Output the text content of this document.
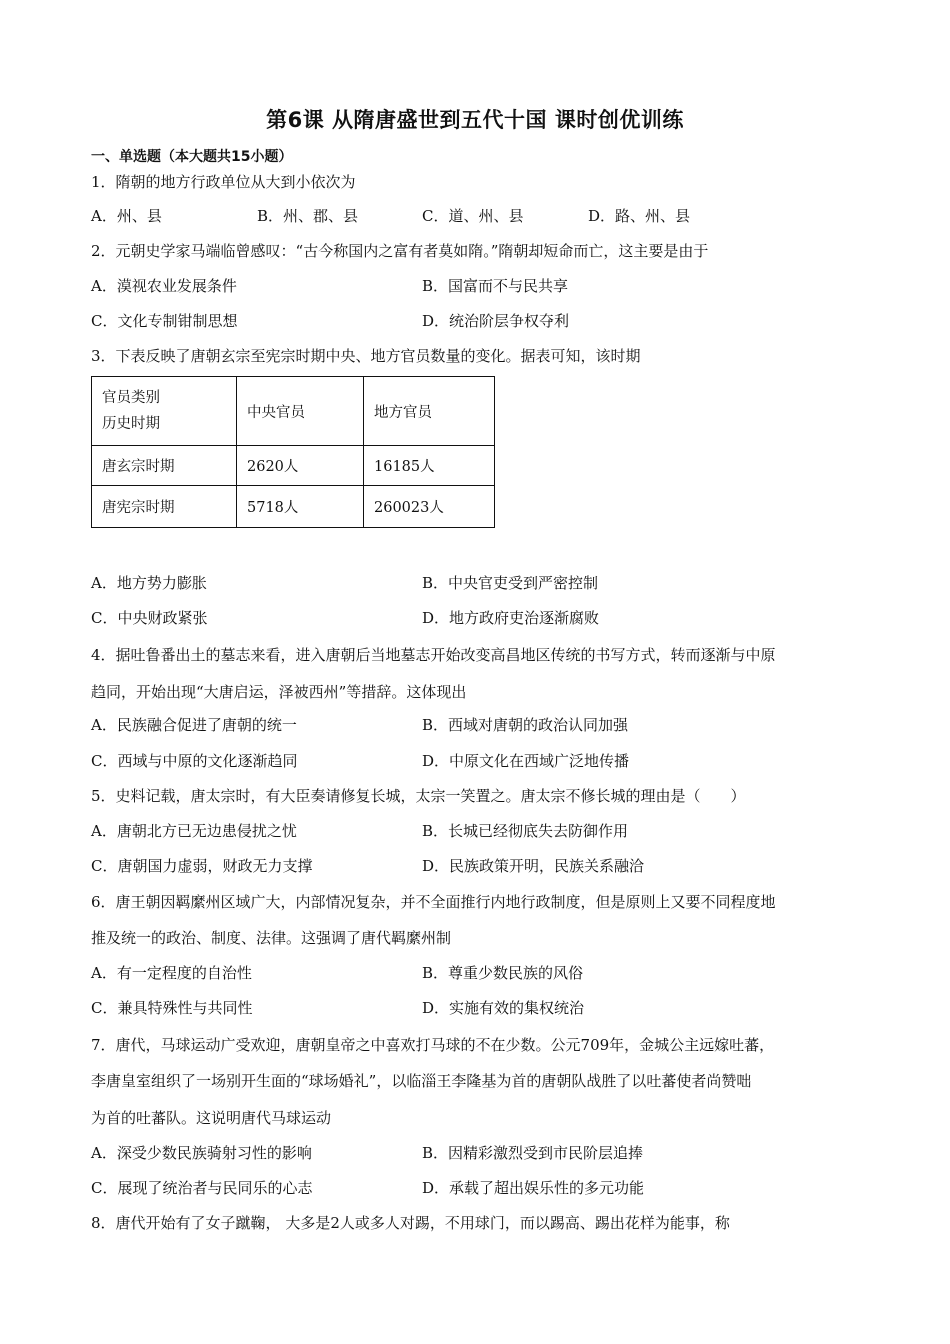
第6课 从隋唐盛世到五代十国 课时创优训练
一、单选题（本大题共15小题）
1．隋朝的地方行政单位从大到小依次为
A．州、县	B．州、郡、县	C．道、州、县	D．路、州、县
2．元朝史学家马端临曾感叹：“古今称国内之富有者莫如隋。”隋朝却短命而亡，这主要是由于
A．漠视农业发展条件	B．国富而不与民共享
C．文化专制钳制思想	D．统治阶层争权夺利
3．下表反映了唐朝玄宗至宪宗时期中央、地方官员数量的变化。据表可知，该时期
官员类别
历史时期	中央官员	地方官员
唐玄宗时期	2620人	16185人
唐宪宗时期	5718人	260023人
A．地方势力膨胀	B．中央官吏受到严密控制
C．中央财政紧张	D．地方政府吏治逐渐腐败
4．据吐鲁番出土的墓志来看，进入唐朝后当地墓志开始改变高昌地区传统的书写方式，转而逐渐与中原
趋同，开始出现“大唐启运，泽被西州”等措辞。这体现出
A．民族融合促进了唐朝的统一	B．西域对唐朝的政治认同加强
C．西域与中原的文化逐渐趋同	D．中原文化在西域广泛地传播
5．史料记载，唐太宗时，有大臣奏请修复长城，太宗一笑置之。唐太宗不修长城的理由是（　　）
A．唐朝北方已无边患侵扰之忧	B．长城已经彻底失去防御作用
C．唐朝国力虚弱，财政无力支撑	D．民族政策开明，民族关系融洽
6．唐王朝因羁縻州区域广大，内部情况复杂，并不全面推行内地行政制度，但是原则上又要不同程度地
推及统一的政治、制度、法律。这强调了唐代羁縻州制
A．有一定程度的自治性	B．尊重少数民族的风俗
C．兼具特殊性与共同性	D．实施有效的集权统治
7．唐代，马球运动广受欢迎，唐朝皇帝之中喜欢打马球的不在少数。公元709年，金城公主远嫁吐蕃，
李唐皇室组织了一场别开生面的“球场婚礼”，以临淄王李隆基为首的唐朝队战胜了以吐蕃使者尚赞咄
为首的吐蕃队。这说明唐代马球运动
A．深受少数民族骑射习性的影响	B．因精彩激烈受到市民阶层追捧
C．展现了统治者与民同乐的心志	D．承载了超出娱乐性的多元功能
8．唐代开始有了女子蹴鞠， 大多是2人或多人对踢，不用球门，而以踢高、踢出花样为能事，称
